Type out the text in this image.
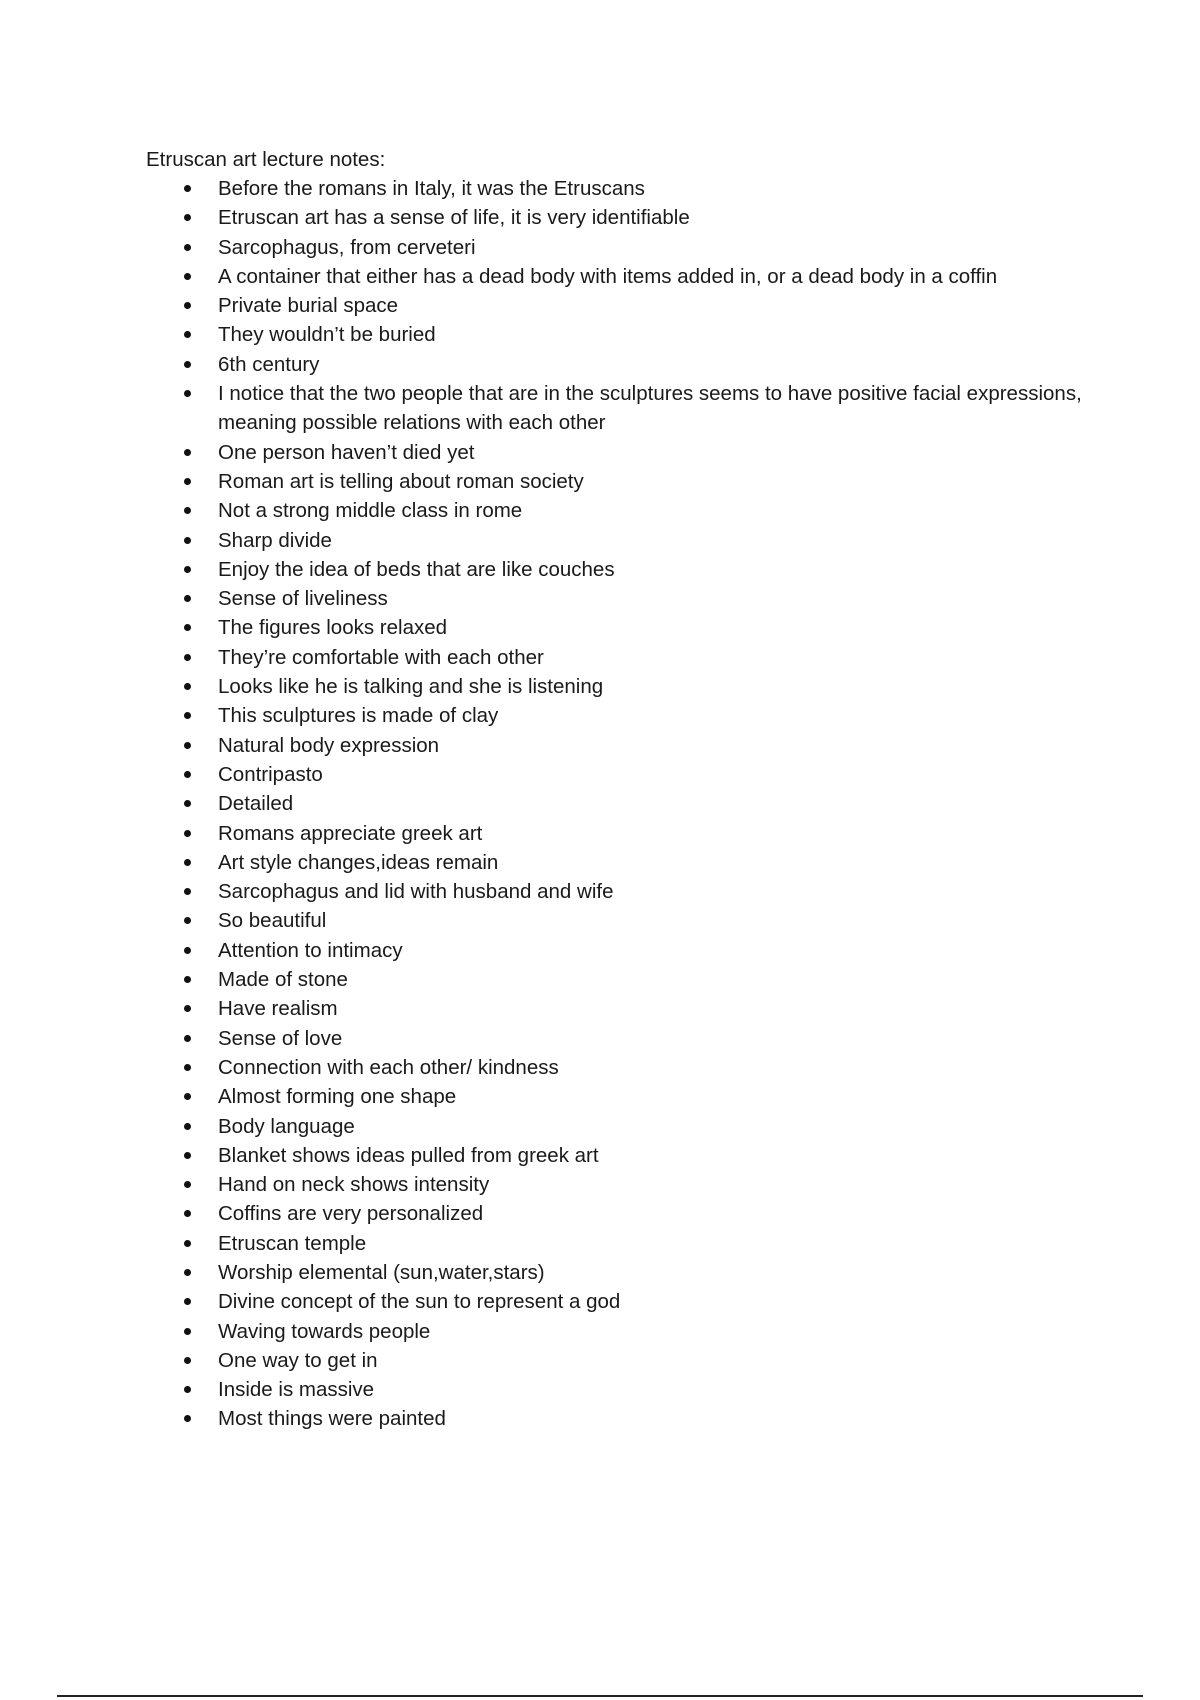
Etruscan art lecture notes:
Before the romans in Italy, it was the Etruscans
Etruscan art has a sense of life, it is very identifiable
Sarcophagus, from cerveteri
A container that either has a dead body with items added in, or a dead body in a coffin
Private burial space
They wouldn’t be buried
6th century
I notice that the two people that are in the sculptures seems to have positive facial expressions, meaning possible relations with each other
One person haven’t died yet
Roman art is telling about roman society
Not a strong middle class in rome
Sharp divide
Enjoy the idea of beds that are like couches
Sense of liveliness
The figures looks relaxed
They’re comfortable with each other
Looks like he is talking and she is listening
This sculptures is made of clay
Natural body expression
Contripasto
Detailed
Romans appreciate greek art
Art style changes,ideas remain
Sarcophagus and lid with husband and wife
So beautiful
Attention to intimacy
Made of stone
Have realism
Sense of love
Connection with each other/ kindness
Almost forming one shape
Body language
Blanket shows ideas pulled from greek art
Hand on neck shows intensity
Coffins are very personalized
Etruscan temple
Worship elemental (sun,water,stars)
Divine concept of the sun to represent a god
Waving towards people
One way to get in
Inside is massive
Most things were painted
